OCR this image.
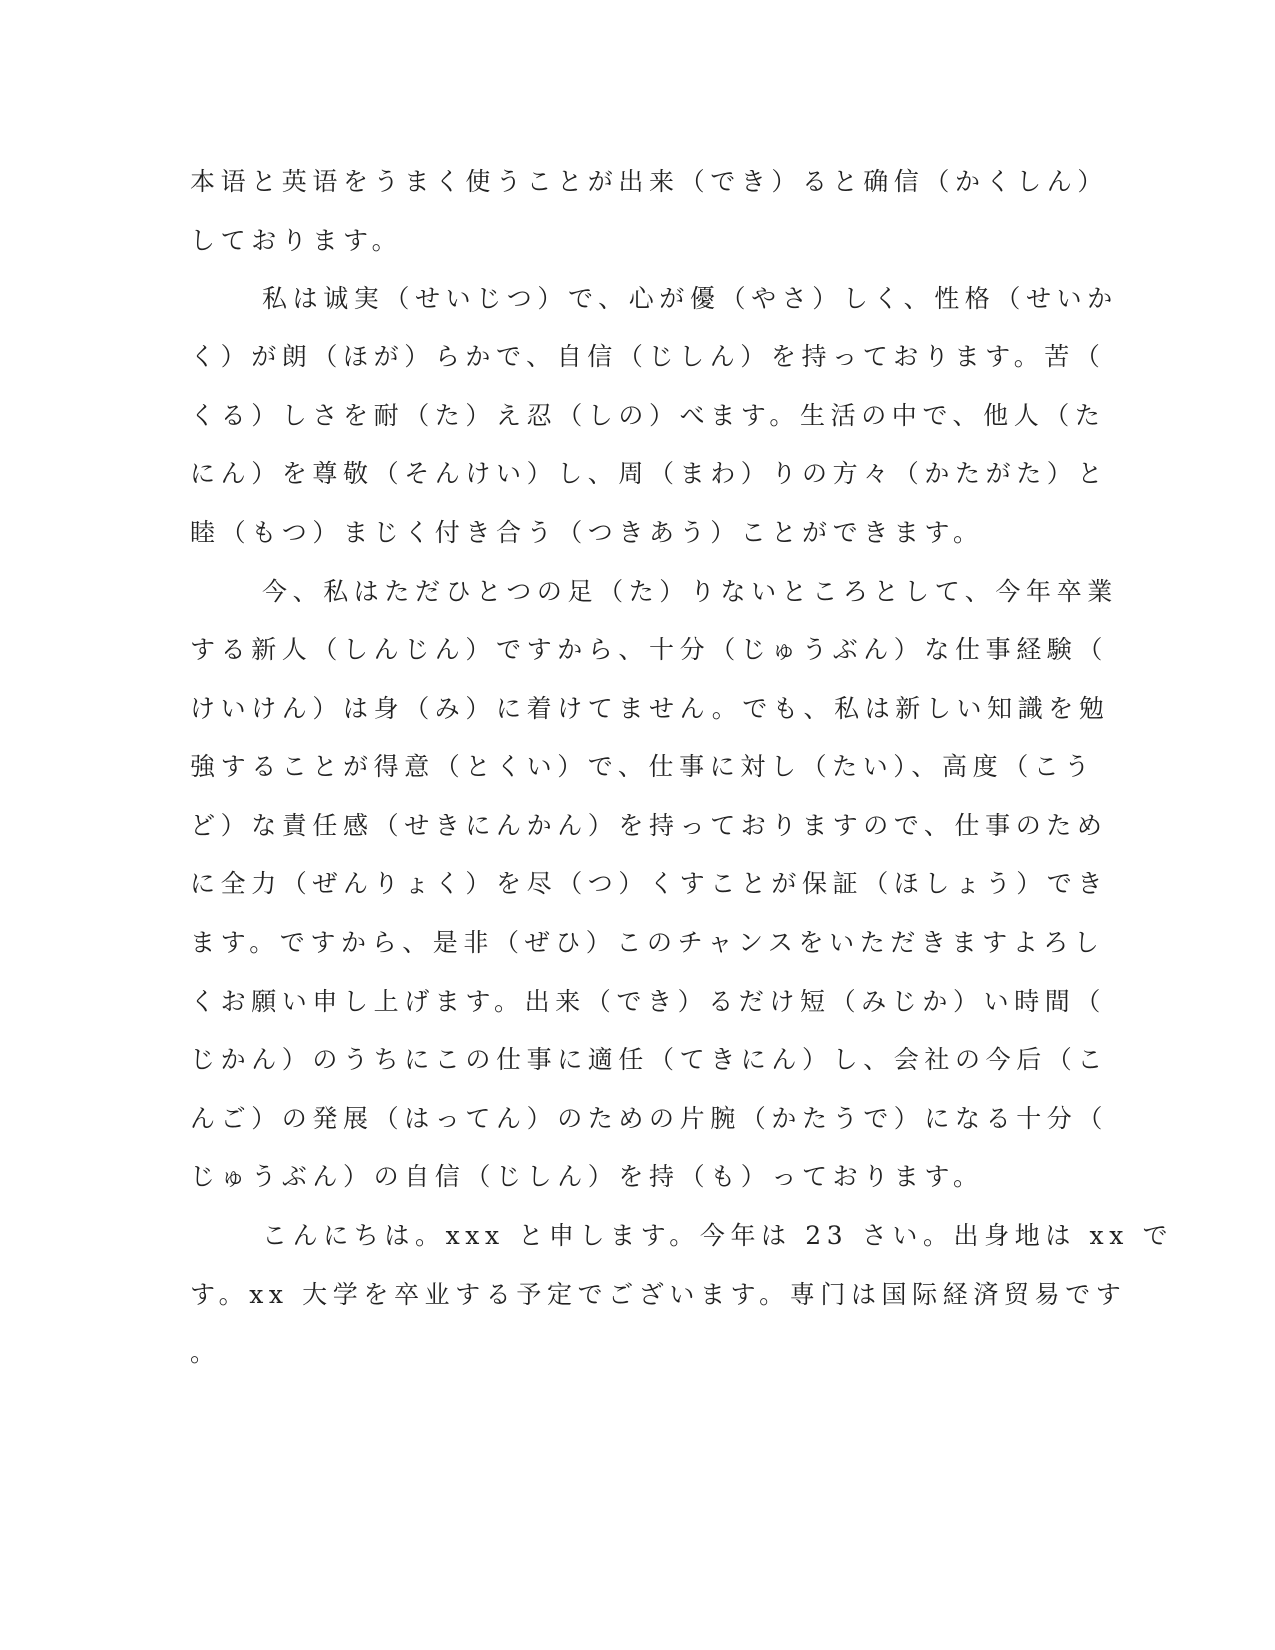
本语と英语をうまく使うことが出来（でき）ると确信（かくしん）
しております。
私は诚実（せいじつ）で、心が優（やさ）しく、性格（せいか
く）が朗（ほが）らかで、自信（じしん）を持っております。苦（
くる）しさを耐（た）え忍（しの）べます。生活の中で、他人（た
にん）を尊敬（そんけい）し、周（まわ）りの方々（かたがた）と
睦（もつ）まじく付き合う（つきあう）ことができます。
今、私はただひとつの足（た）りないところとして、今年卒業
する新人（しんじん）ですから、十分（じゅうぶん）な仕事経験（
けいけん）は身（み）に着けてません。でも、私は新しい知識を勉
強することが得意（とくい）で、仕事に対し（たい）、高度（こう
ど）な責任感（せきにんかん）を持っておりますので、仕事のため
に全力（ぜんりょく）を尽（つ）くすことが保証（ほしょう）でき
ます。ですから、是非（ぜひ）このチャンスをいただきますよろし
くお願い申し上げます。出来（でき）るだけ短（みじか）い時間（
じかん）のうちにこの仕事に適任（てきにん）し、会社の今后（こ
んご）の発展（はってん）のための片腕（かたうで）になる十分（
じゅうぶん）の自信（じしん）を持（も）っております。
こんにちは。xxx と申します。今年は 23 さい。出身地は xx で
す。xx 大学を卒业する予定でございます。専门は国际経済贸易です
。
